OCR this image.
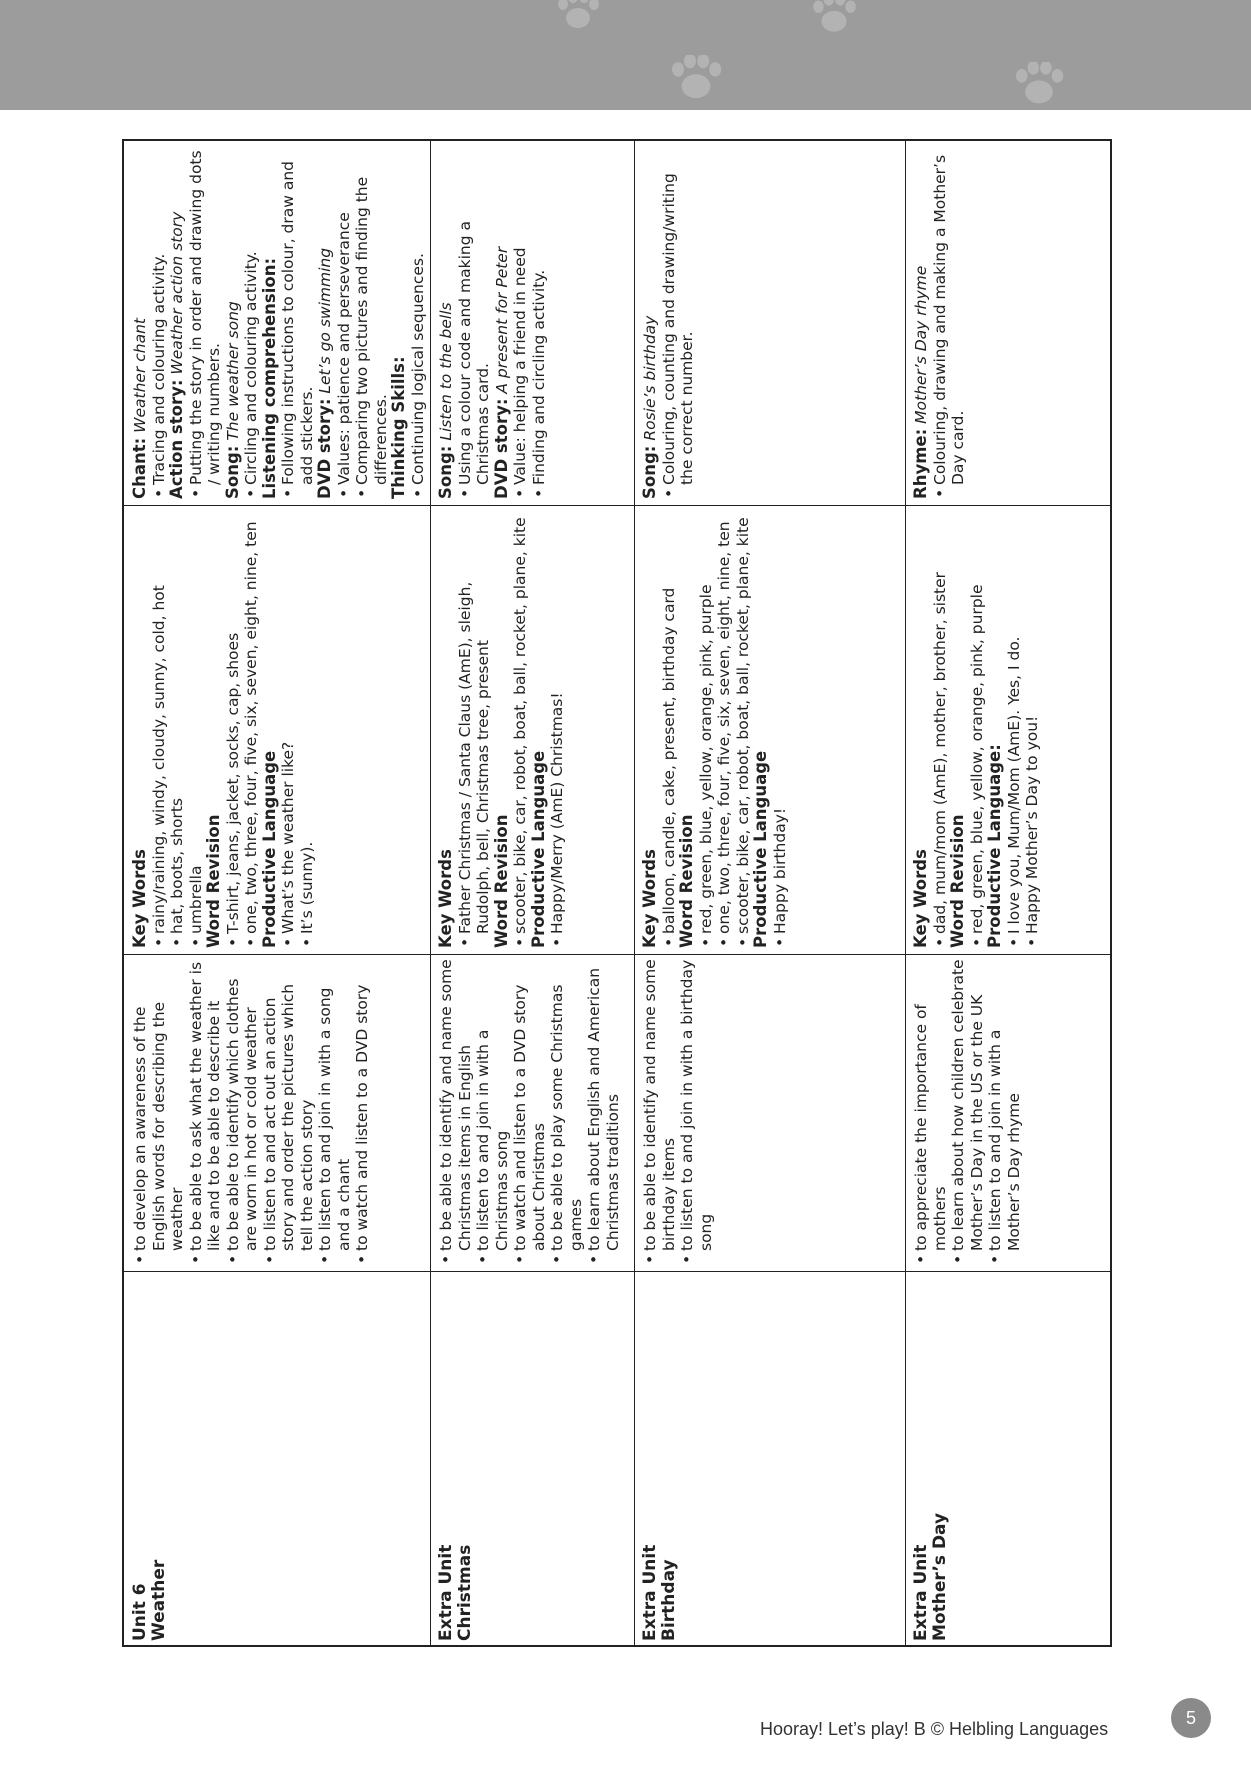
Unit 6 Weather

• to develop an awareness of the English words for describing the weather • to be able to ask what the weather is like and to be able to describe it • to be able to identify which clothes are worn in hot or cold weather • to listen to and act out an action story and order the pictures which tell the action story • to listen to and join in with a song and a chant • to watch and listen to a DVD story

Key Words • rainy/raining, windy, cloudy, sunny, cold, hot • hat, boots, shorts • umbrella Word Revision • T-shirt, jeans, jacket, socks, cap, shoes • one, two, three, four, five, six, seven, eight, nine, ten Productive Language • What’s the weather like? • It’s (sunny).

Chant: Weather chant • Tracing and colouring activity. Action story: Weather action story • Putting the story in order and drawing dots / writing numbers. Song: The weather song • Circling and colouring activity. Listening comprehension: • Following instructions to colour, draw and add stickers. DVD story: Let’s go swimming • Values: patience and perseverance • Comparing two pictures and finding the differences. Thinking Skills: • Continuing logical sequences.

Extra Unit Christmas

• to be able to identify and name some Christmas items in English • to listen to and join in with a Christmas song • to watch and listen to a DVD story about Christmas • to be able to play some Christmas games • to learn about English and American Christmas traditions

Key Words • Father Christmas / Santa Claus (AmE), sleigh, Rudolph, bell, Christmas tree, present Word Revision • scooter, bike, car, robot, boat, ball, rocket, plane, kite Productive Language • Happy/Merry (AmE) Christmas!

Song: Listen to the bells • Using a colour code and making a Christmas card. DVD story: A present for Peter • Value: helping a friend in need • Finding and circling activity.

Extra Unit Birthday

• to be able to identify and name some birthday items • to listen to and join in with a birthday song

Key Words • balloon, candle, cake, present, birthday card Word Revision • red, green, blue, yellow, orange, pink, purple • one, two, three, four, five, six, seven, eight, nine, ten • scooter, bike, car, robot, boat, ball, rocket, plane, kite Productive Language • Happy birthday!

Song: Rosie’s birthday • Colouring, counting and drawing/writing the correct number.

Extra Unit Mother’s Day

• to appreciate the importance of mothers • to learn about how children celebrate Mother’s Day in the US or the UK • to listen to and join in with a Mother’s Day rhyme

Key Words • dad, mum/mom (AmE), mother, brother, sister Word Revision • red, green, blue, yellow, orange, pink, purple Productive Language: • I love you, Mum/Mom (AmE). Yes, I do. • Happy Mother’s Day to you!

Rhyme: Mother’s Day rhyme • Colouring, drawing and making a Mother’s Day card.
Hooray! Let’s play! B © Helbling Languages
5
